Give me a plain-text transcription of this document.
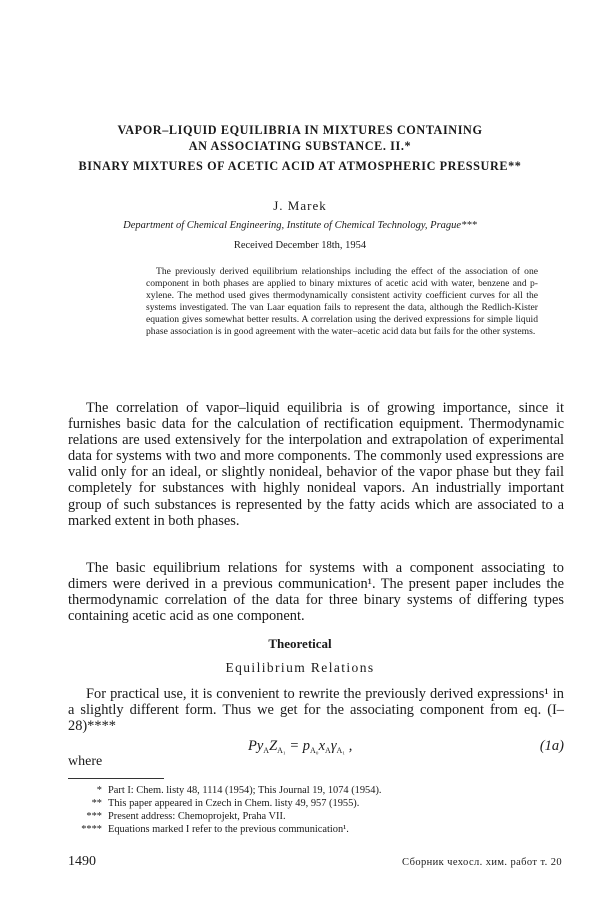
VAPOR–LIQUID EQUILIBRIA IN MIXTURES CONTAINING
AN ASSOCIATING SUBSTANCE. II.*
BINARY MIXTURES OF ACETIC ACID AT ATMOSPHERIC PRESSURE**
J. Marek
Department of Chemical Engineering, Institute of Chemical Technology, Prague***
Received December 18th, 1954

The previously derived equilibrium relationships including the effect of the association of one component in both phases are applied to binary mixtures of acetic acid with water, benzene and p-xylene. The method used gives thermodynamically consistent activity coefficient curves for all the systems investigated. The van Laar equation fails to represent the data, although the Redlich-Kister equation gives somewhat better results. A correlation using the derived expressions for simple liquid phase association is in good agreement with the water–acetic acid data but fails for the other systems.

The correlation of vapor–liquid equilibria is of growing importance, since it furnishes basic data for the calculation of rectification equipment. Thermodynamic relations are used extensively for the interpolation and extrapolation of experimental data for systems with two and more components. The commonly used expressions are valid only for an ideal, or slightly nonideal, behavior of the vapor phase but they fail completely for substances with highly nonideal vapors. An industrially important group of such substances is represented by the fatty acids which are associated to a marked extent in both phases.

The basic equilibrium relations for systems with a component associating to dimers were derived in a previous communication¹. The present paper includes the thermodynamic correlation of the data for three binary systems of differing types containing acetic acid as one component.

Theoretical
Equilibrium Relations

For practical use, it is convenient to rewrite the previously derived expressions¹ in a slightly different form. Thus we get for the associating component from eq. (I–28)****

$Py_AZ_{A_1} = p_{A_0}x_A\gamma_{A_1}$ ,	(1a)
where
* Part I: Chem. listy 48, 1114 (1954); This Journal 19, 1074 (1954).
** This paper appeared in Czech in Chem. listy 49, 957 (1955).
*** Present address: Chemoprojekt, Praha VII.
**** Equations marked I refer to the previous communication¹.
1490	Сборник чехосл. хим. работ т. 20
